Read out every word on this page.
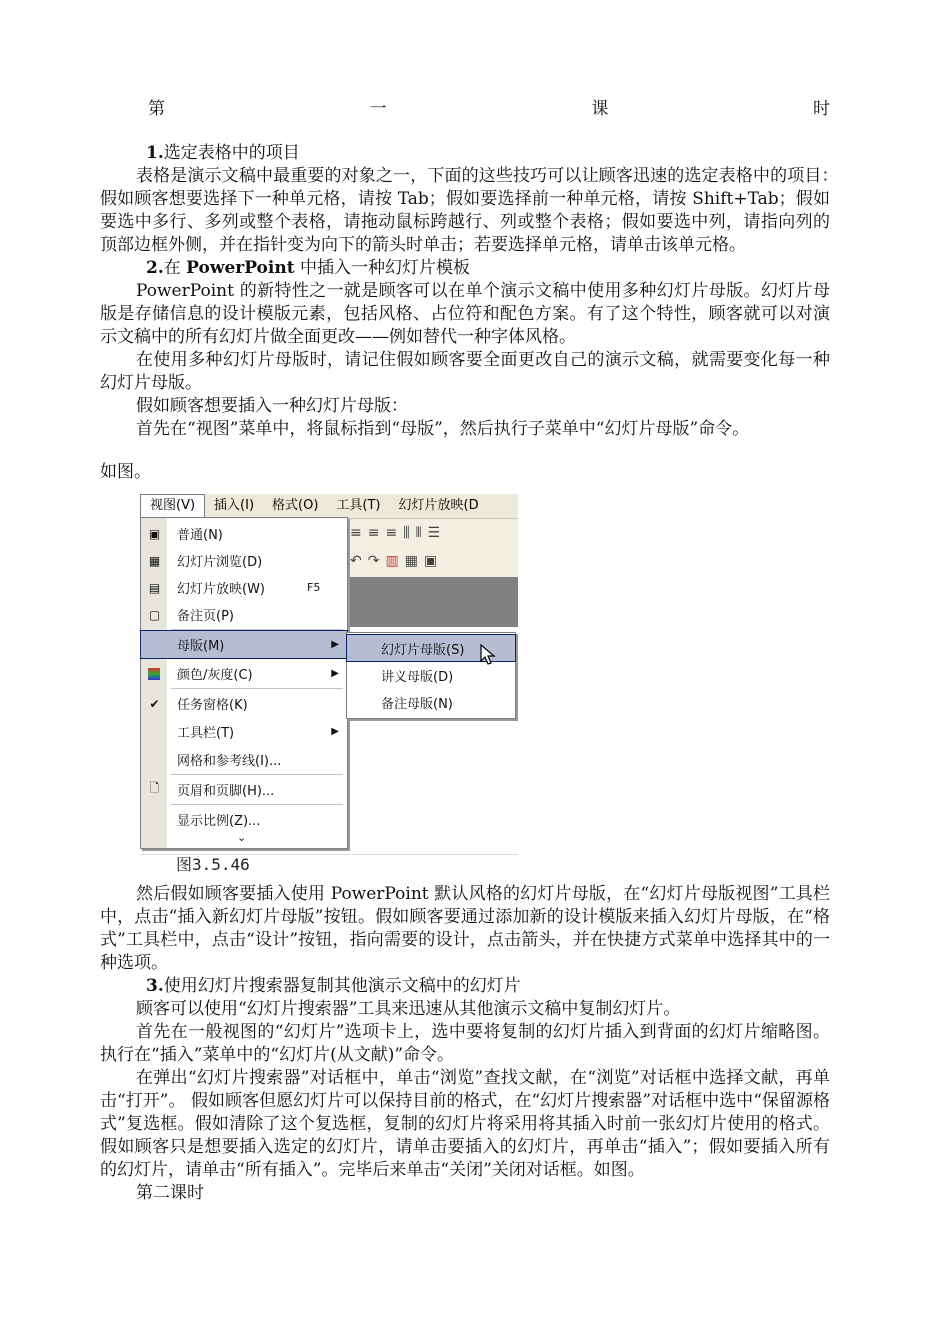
第	一	课	时

1.选定表格中的项目

表格是演示文稿中最重要的对象之一，下面的这些技巧可以让顾客迅速的选定表格中的项目：　　假如顾客想要选择下一种单元格，请按 Tab；假如要选择前一种单元格，请按 Shift+Tab；假如要选中多行、多列或整个表格，请拖动鼠标跨越行、列或整个表格；假如要选中列，请指向列的顶部边框外侧，并在指针变为向下的箭头时单击；若要选择单元格，请单击该单元格。

2.在 PowerPoint 中插入一种幻灯片模板

PowerPoint 的新特性之一就是顾客可以在单个演示文稿中使用多种幻灯片母版。幻灯片母版是存储信息的设计模版元素，包括风格、占位符和配色方案。有了这个特性，顾客就可以对演示文稿中的所有幻灯片做全面更改——例如替代一种字体风格。

在使用多种幻灯片母版时，请记住假如顾客要全面更改自己的演示文稿，就需要变化每一种幻灯片母版。

假如顾客想要插入一种幻灯片母版：

首先在“视图”菜单中，将鼠标指到“母版”，然后执行子菜单中“幻灯片母版”命令。

如图。

视图(V)	插入(I)	格式(O)	工具(T)	幻灯片放映(D
≡ ≡ ≡ ⫼ ⫴ ☰
↶ ↷ ▥ ▦ ▣
▣ 普通(N)
▦ 幻灯片浏览(D)
▤ 幻灯片放映(W)	F5
▢ 备注页(P)
母版(M)	▶
颜色/灰度(C)	▶
✔ 任务窗格(K)
工具栏(T)	▶
网格和参考线(I)...
🗋 页眉和页脚(H)...
显示比例(Z)...
⌄
幻灯片母版(S)
讲义母版(D)
备注母版(N)
图3.5.46

然后假如顾客要插入使用 PowerPoint 默认风格的幻灯片母版，在“幻灯片母版视图”工具栏中，点击“插入新幻灯片母版”按钮。假如顾客要通过添加新的设计模版来插入幻灯片母版，在“格式”工具栏中，点击“设计”按钮，指向需要的设计，点击箭头，并在快捷方式菜单中选择其中的一种选项。

3.使用幻灯片搜索器复制其他演示文稿中的幻灯片

顾客可以使用“幻灯片搜索器”工具来迅速从其他演示文稿中复制幻灯片。

首先在一般视图的“幻灯片”选项卡上，选中要将复制的幻灯片插入到背面的幻灯片缩略图。执行在“插入”菜单中的“幻灯片(从文献)”命令。

在弹出“幻灯片搜索器”对话框中，单击“浏览”查找文献，在“浏览”对话框中选择文献，再单击“打开”。 假如顾客但愿幻灯片可以保持目前的格式，在“幻灯片搜索器”对话框中选中“保留源格式”复选框。假如清除了这个复选框，复制的幻灯片将采用将其插入时前一张幻灯片使用的格式。 假如顾客只是想要插入选定的幻灯片，请单击要插入的幻灯片，再单击“插入”；假如要插入所有的幻灯片，请单击“所有插入”。完毕后来单击“关闭”关闭对话框。如图。

第二课时
